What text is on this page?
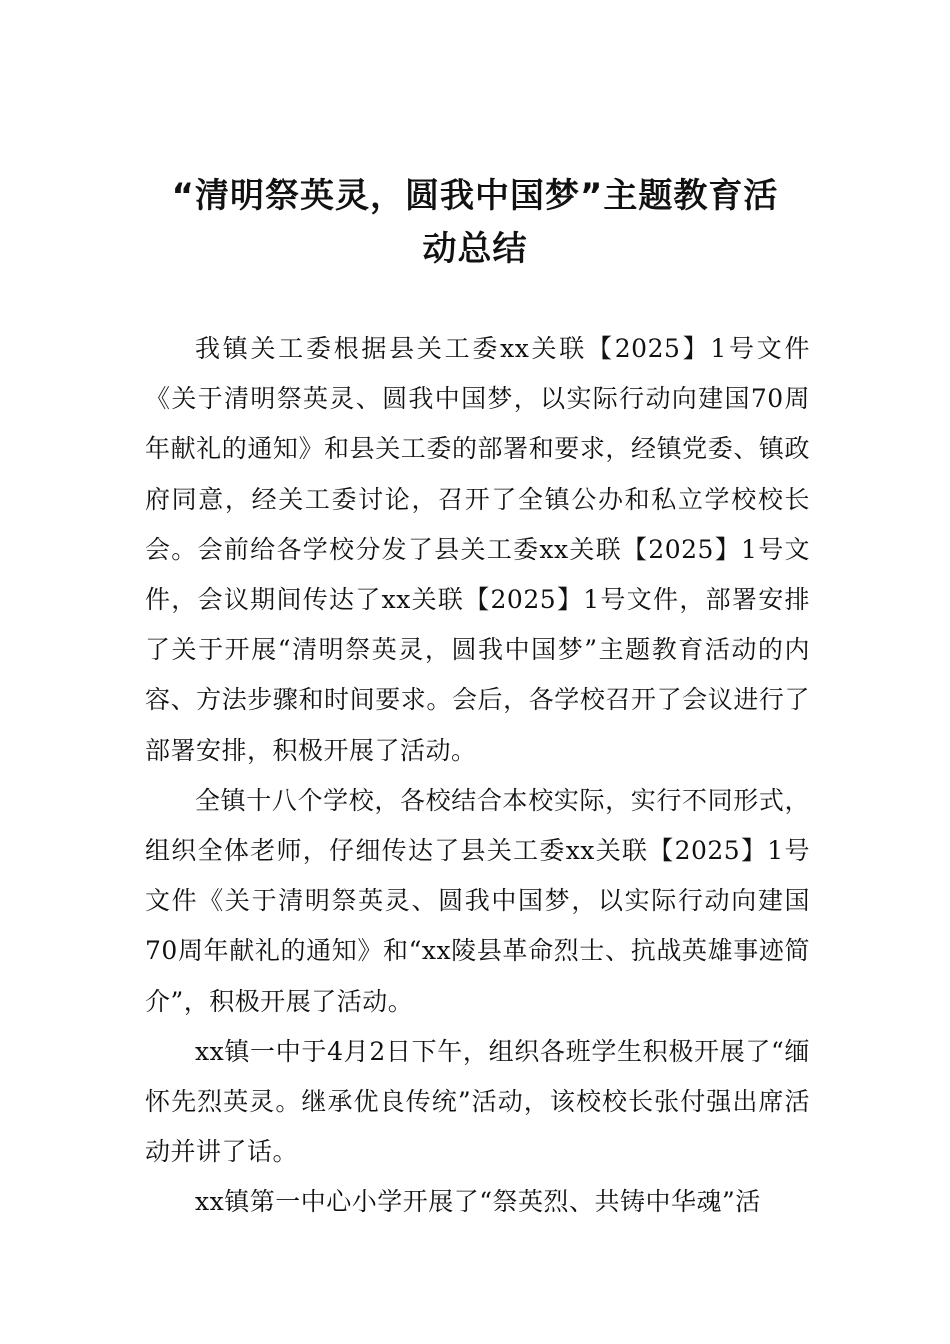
“清明祭英灵，圆我中国梦”主题教育活
动总结

我镇关工委根据县关工委xx关联【2025】1号文件《关于清明祭英灵、圆我中国梦，以实际行动向建国70周年献礼的通知》和县关工委的部署和要求，经镇党委、镇政府同意，经关工委讨论，召开了全镇公办和私立学校校长会。会前给各学校分发了县关工委xx关联【2025】1号文件，会议期间传达了xx关联【2025】1号文件，部署安排了关于开展“清明祭英灵，圆我中国梦”主题教育活动的内容、方法步骤和时间要求。会后，各学校召开了会议进行了部署安排，积极开展了活动。

全镇十八个学校，各校结合本校实际，实行不同形式，组织全体老师，仔细传达了县关工委xx关联【2025】1号文件《关于清明祭英灵、圆我中国梦，以实际行动向建国70周年献礼的通知》和“xx陵县革命烈士、抗战英雄事迹简介”，积极开展了活动。

xx镇一中于4月2日下午，组织各班学生积极开展了“缅怀先烈英灵。继承优良传统”活动，该校校长张付强出席活动并讲了话。

xx镇第一中心小学开展了“祭英烈、共铸中华魂”活
